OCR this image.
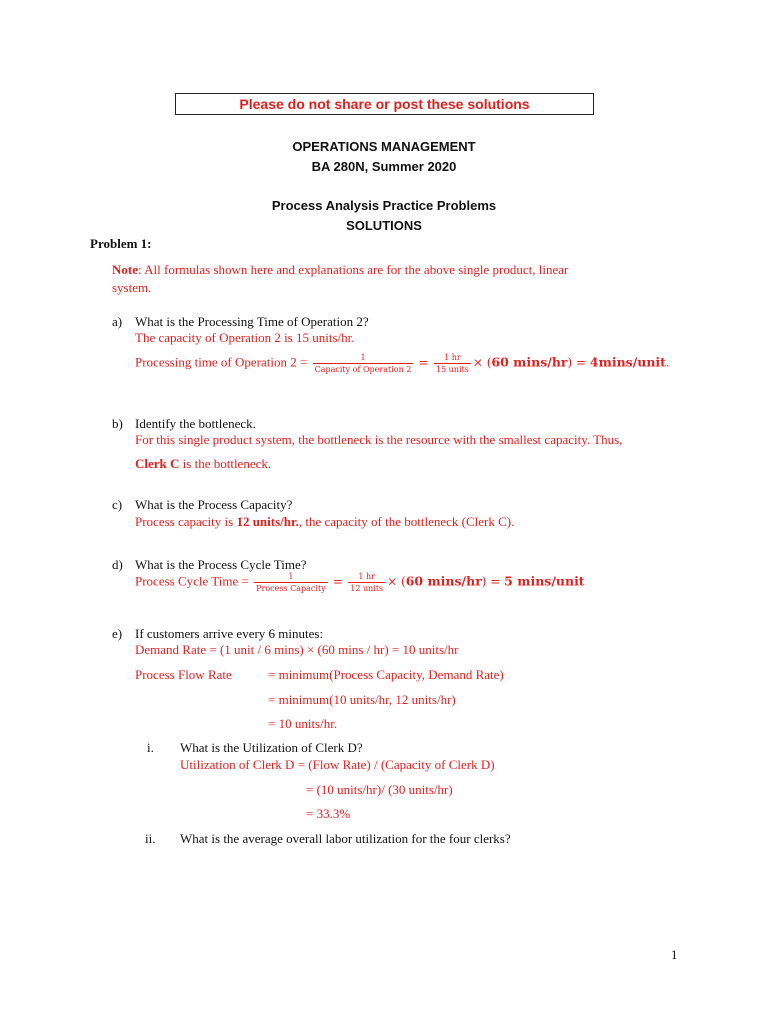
Please do not share or post these solutions
OPERATIONS MANAGEMENT
BA 280N, Summer 2020
Process Analysis Practice Problems
SOLUTIONS
Problem 1:
Note: All formulas shown here and explanations are for the above single product, linear
system.
a) What is the Processing Time of Operation 2?
The capacity of Operation 2 is 15 units/hr.
Processing time of Operation $2 = \frac{1}{\text{Capacity of Operation 2}} = \frac{1 hr}{\text{15 units}} \times (60$ mins/hr) = 4mins/unit.
b) Identify the bottleneck.
For this single product system, the bottleneck is the resource with the smallest capacity. Thus,
Clerk C is the bottleneck.
c) What is the Process Capacity?
Process capacity is 12 units/hr., the capacity of the bottleneck (Clerk C).
d) What is the Process Cycle Time?
Process Cycle Time = $\frac{1}{\text{Process Capacity}} = \frac{1 hr}{\text{12 units}} \times (60$ mins/hr) = 5 mins/unit
e) If customers arrive every 6 minutes:
Demand Rate = (1 unit / 6 mins) × (60 mins / hr) = 10 units/hr
Process Flow Rate	= minimum(Process Capacity, Demand Rate)
= minimum(10 units/hr, 12 units/hr)
= 10 units/hr.
i. What is the Utilization of Clerk D?
Utilization of Clerk D = (Flow Rate) / (Capacity of Clerk D)
= (10 units/hr)/ (30 units/hr)
= 33.3%
ii. What is the average overall labor utilization for the four clerks?
1
